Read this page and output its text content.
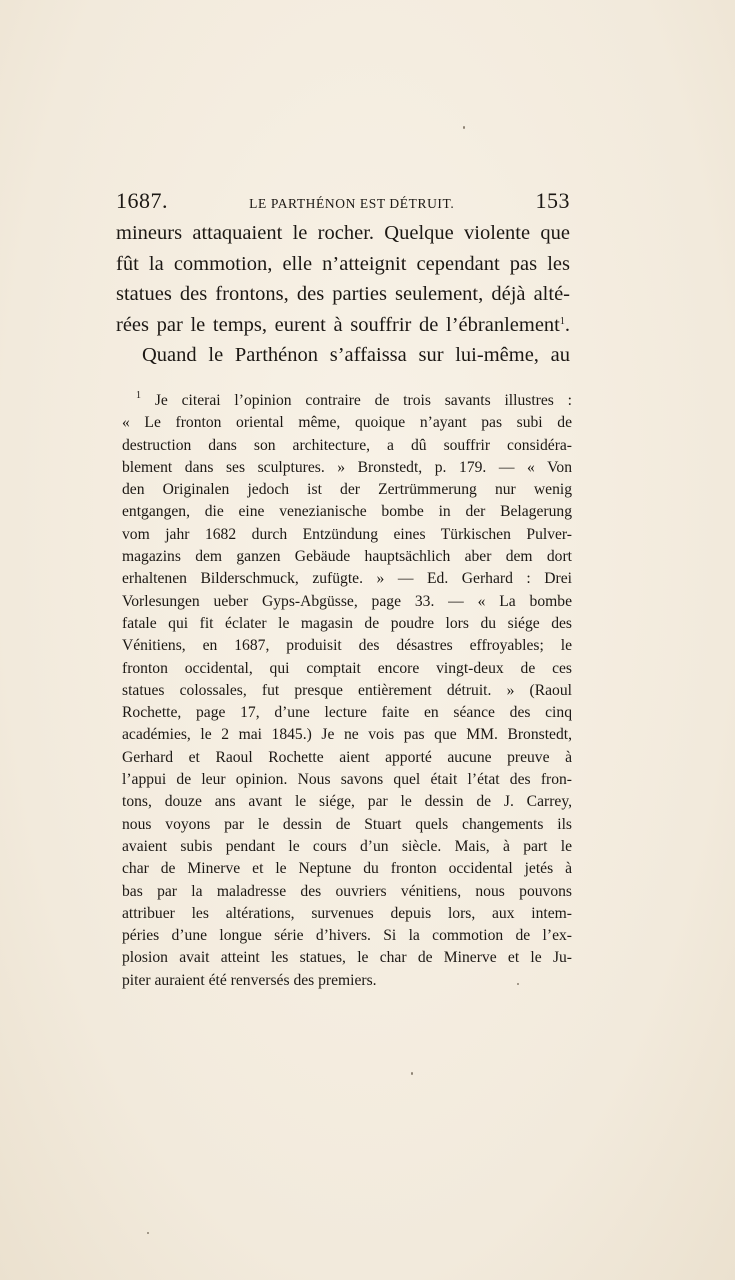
1687.	LE PARTHÉNON EST DÉTRUIT.	153
mineurs attaquaient le rocher. Quelque violente que
fût la commotion, elle n’atteignit cependant pas les
statues des frontons, des parties seulement, déjà alté-
rées par le temps, eurent à souffrir de l’ébranlement$^1$.
Quand le Parthénon s’affaissa sur lui-même, au
$^1$ Je citerai l’opinion contraire de trois savants illustres :
« Le fronton oriental même, quoique n’ayant pas subi de
destruction dans son architecture, a dû souffrir considéra-
blement dans ses sculptures. » Bronstedt, p. 179. — « Von
den Originalen jedoch ist der Zertrümmerung nur wenig
entgangen, die eine venezianische bombe in der Belagerung
vom jahr 1682 durch Entzündung eines Türkischen Pulver-
magazins dem ganzen Gebäude hauptsächlich aber dem dort
erhaltenen Bilderschmuck, zufügte. » — Ed. Gerhard : Drei
Vorlesungen ueber Gyps-Abgüsse, page 33. — « La bombe
fatale qui fit éclater le magasin de poudre lors du siége des
Vénitiens, en 1687, produisit des désastres effroyables; le
fronton occidental, qui comptait encore vingt-deux de ces
statues colossales, fut presque entièrement détruit. » (Raoul
Rochette, page 17, d’une lecture faite en séance des cinq
académies, le 2 mai 1845.) Je ne vois pas que MM. Bronstedt,
Gerhard et Raoul Rochette aient apporté aucune preuve à
l’appui de leur opinion. Nous savons quel était l’état des fron-
tons, douze ans avant le siége, par le dessin de J. Carrey,
nous voyons par le dessin de Stuart quels changements ils
avaient subis pendant le cours d’un siècle. Mais, à part le
char de Minerve et le Neptune du fronton occidental jetés à
bas par la maladresse des ouvriers vénitiens, nous pouvons
attribuer les altérations, survenues depuis lors, aux intem-
péries d’une longue série d’hivers. Si la commotion de l’ex-
plosion avait atteint les statues, le char de Minerve et le Ju-
piter auraient été renversés des premiers.
